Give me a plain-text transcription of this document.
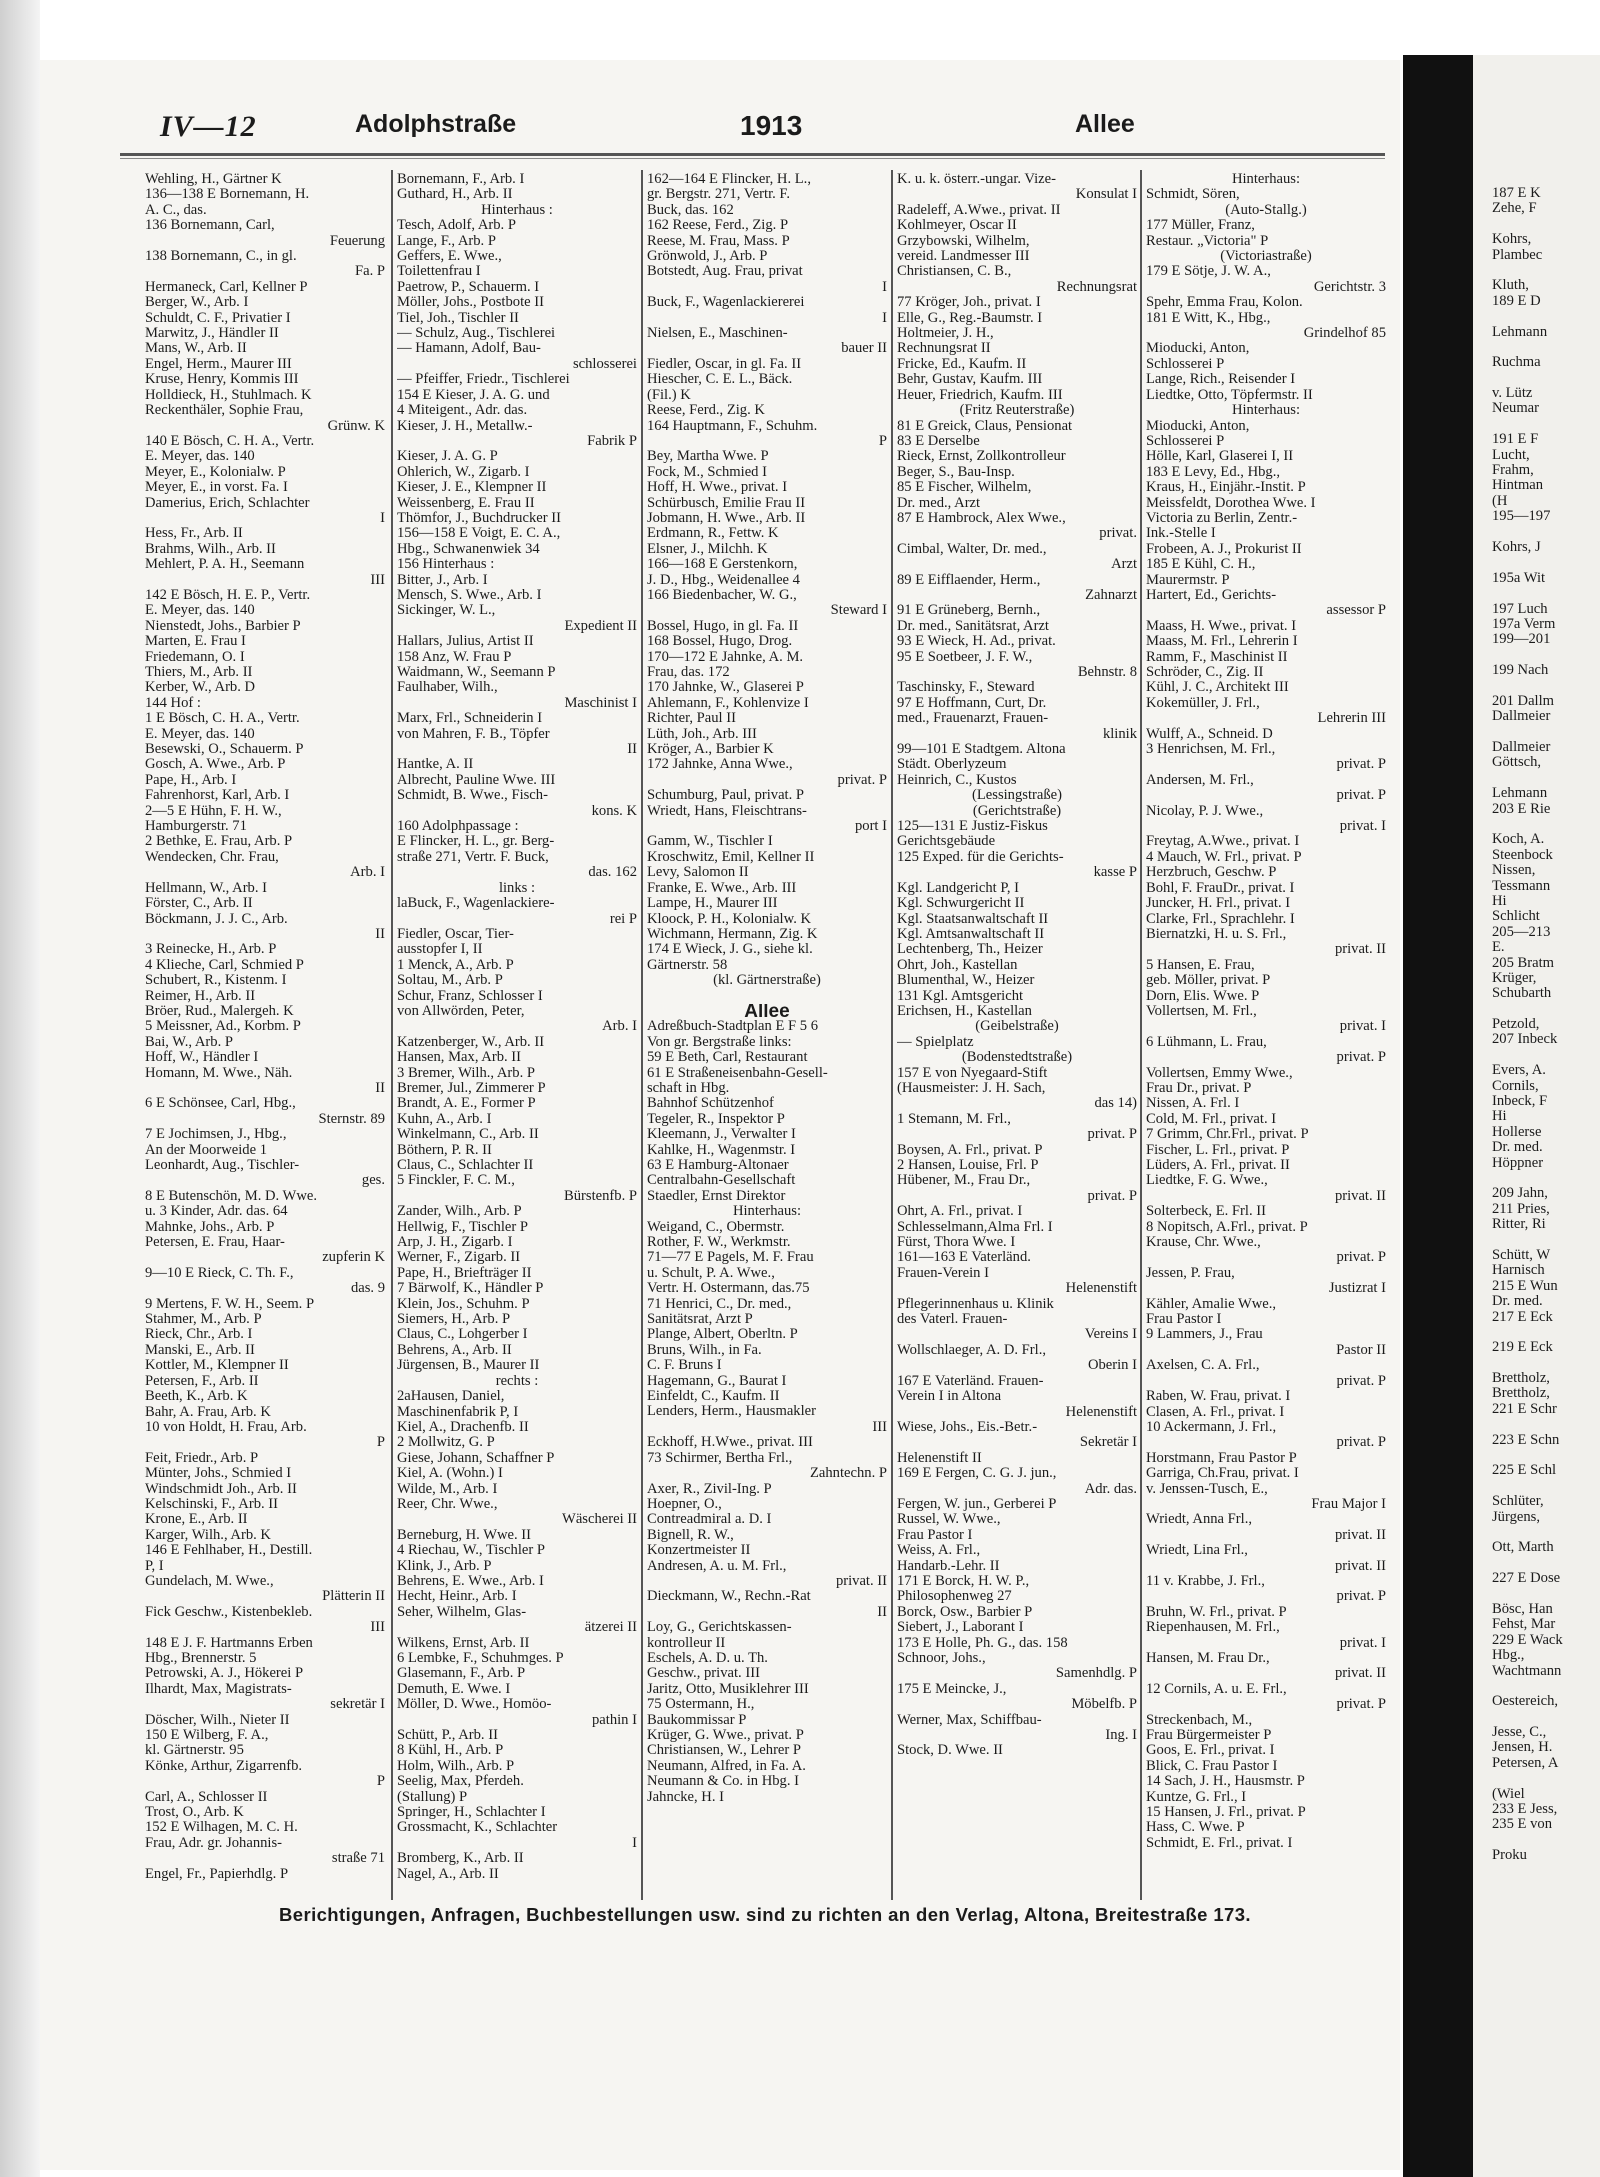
IV—12	Adolphstraße	1913	Allee
Wehling, H., Gärtner K
136—138 E Bornemann, H.
A. C., das.
136 Bornemann, Carl,
Feuerung
138 Bornemann, C., in gl.
Fa. P
Hermaneck, Carl, Kellner P
Berger, W., Arb. I
Schuldt, C. F., Privatier I
Marwitz, J., Händler II
Mans, W., Arb. II
Engel, Herm., Maurer III
Kruse, Henry, Kommis III
Holldieck, H., Stuhlmach. K
Reckenthäler, Sophie Frau,
Grünw. K
140 E Bösch, C. H. A., Vertr.
E. Meyer, das. 140
Meyer, E., Kolonialw. P
Meyer, E., in vorst. Fa. I
Damerius, Erich, Schlachter
I
Hess, Fr., Arb. II
Brahms, Wilh., Arb. II
Mehlert, P. A. H., Seemann
III
142 E Bösch, H. E. P., Vertr.
E. Meyer, das. 140
Nienstedt, Johs., Barbier P
Marten, E. Frau I
Friedemann, O. I
Thiers, M., Arb. II
Kerber, W., Arb. D
144 Hof :
1 E Bösch, C. H. A., Vertr.
E. Meyer, das. 140
Besewski, O., Schauerm. P
Gosch, A. Wwe., Arb. P
Pape, H., Arb. I
Fahrenhorst, Karl, Arb. I
2—5 E Hühn, F. H. W.,
Hamburgerstr. 71
2 Bethke, E. Frau, Arb. P
Wendecken, Chr. Frau,
Arb. I
Hellmann, W., Arb. I
Förster, C., Arb. II
Böckmann, J. J. C., Arb.
II
3 Reinecke, H., Arb. P
4 Klieche, Carl, Schmied P
Schubert, R., Kistenm. I
Reimer, H., Arb. II
Bröer, Rud., Malergeh. K
5 Meissner, Ad., Korbm. P
Bai, W., Arb. P
Hoff, W., Händler I
Homann, M. Wwe., Näh.
II
6 E Schönsee, Carl, Hbg.,
Sternstr. 89
7 E Jochimsen, J., Hbg.,
An der Moorweide 1
Leonhardt, Aug., Tischler-
ges.
8 E Butenschön, M. D. Wwe.
u. 3 Kinder, Adr. das. 64
Mahnke, Johs., Arb. P
Petersen, E. Frau, Haar-
zupferin K
9—10 E Rieck, C. Th. F.,
das. 9
9 Mertens, F. W. H., Seem. P
Stahmer, M., Arb. P
Rieck, Chr., Arb. I
Manski, E., Arb. II
Kottler, M., Klempner II
Petersen, F., Arb. II
Beeth, K., Arb. K
Bahr, A. Frau, Arb. K
10 von Holdt, H. Frau, Arb.
P
Feit, Friedr., Arb. P
Münter, Johs., Schmied I
Windschmidt Joh., Arb. II
Kelschinski, F., Arb. II
Krone, E., Arb. II
Karger, Wilh., Arb. K
146 E Fehlhaber, H., Destill.
P, I
Gundelach, M. Wwe.,
Plätterin II
Fick Geschw., Kistenbekleb.
III
148 E J. F. Hartmanns Erben
Hbg., Brennerstr. 5
Petrowski, A. J., Hökerei P
Ilhardt, Max, Magistrats-
sekretär I
Döscher, Wilh., Nieter II
150 E Wilberg, F. A.,
kl. Gärtnerstr. 95
Könke, Arthur, Zigarrenfb.
P
Carl, A., Schlosser II
Trost, O., Arb. K
152 E Wilhagen, M. C. H.
Frau, Adr. gr. Johannis-
straße 71
Engel, Fr., Papierhdlg. P
Bornemann, F., Arb. I
Guthard, H., Arb. II
Hinterhaus :
Tesch, Adolf, Arb. P
Lange, F., Arb. P
Geffers, E. Wwe.,
Toilettenfrau I
Paetrow, P., Schauerm. I
Möller, Johs., Postbote II
Tiel, Joh., Tischler II
— Schulz, Aug., Tischlerei
— Hamann, Adolf, Bau-
schlosserei
— Pfeiffer, Friedr., Tischlerei
154 E Kieser, J. A. G. und
4 Miteigent., Adr. das.
Kieser, J. H., Metallw.-
Fabrik P
Kieser, J. A. G. P
Ohlerich, W., Zigarb. I
Kieser, J. E., Klempner II
Weissenberg, E. Frau II
Thömfor, J., Buchdrucker II
156—158 E Voigt, E. C. A.,
Hbg., Schwanenwiek 34
156 Hinterhaus :
Bitter, J., Arb. I
Mensch, S. Wwe., Arb. I
Sickinger, W. L.,
Expedient II
Hallars, Julius, Artist II
158 Anz, W. Frau P
Waidmann, W., Seemann P
Faulhaber, Wilh.,
Maschinist I
Marx, Frl., Schneiderin I
von Mahren, F. B., Töpfer
II
Hantke, A. II
Albrecht, Pauline Wwe. III
Schmidt, B. Wwe., Fisch-
kons. K
160 Adolphpassage :
E Flincker, H. L., gr. Berg-
straße 271, Vertr. F. Buck,
das. 162
links :
laBuck, F., Wagenlackiere-
rei P
Fiedler, Oscar, Tier-
ausstopfer I, II
1 Menck, A., Arb. P
Soltau, M., Arb. P
Schur, Franz, Schlosser I
von Allwörden, Peter,
Arb. I
Katzenberger, W., Arb. II
Hansen, Max, Arb. II
3 Bremer, Wilh., Arb. P
Bremer, Jul., Zimmerer P
Brandt, A. E., Former P
Kuhn, A., Arb. I
Winkelmann, C., Arb. II
Böthern, P. R. II
Claus, C., Schlachter II
5 Finckler, F. C. M.,
Bürstenfb. P
Zander, Wilh., Arb. P
Hellwig, F., Tischler P
Arp, J. H., Zigarb. I
Werner, F., Zigarb. II
Pape, H., Briefträger II
7 Bärwolf, K., Händler P
Klein, Jos., Schuhm. P
Siemers, H., Arb. P
Claus, C., Lohgerber I
Behrens, A., Arb. II
Jürgensen, B., Maurer II
rechts :
2aHausen, Daniel,
Maschinenfabrik P, I
Kiel, A., Drachenfb. II
2 Mollwitz, G. P
Giese, Johann, Schaffner P
Kiel, A. (Wohn.) I
Wilde, M., Arb. I
Reer, Chr. Wwe.,
Wäscherei II
Berneburg, H. Wwe. II
4 Riechau, W., Tischler P
Klink, J., Arb. P
Behrens, E. Wwe., Arb. I
Hecht, Heinr., Arb. I
Seher, Wilhelm, Glas-
ätzerei II
Wilkens, Ernst, Arb. II
6 Lembke, F., Schuhmges. P
Glasemann, F., Arb. P
Demuth, E. Wwe. I
Möller, D. Wwe., Homöo-
pathin I
Schütt, P., Arb. II
8 Kühl, H., Arb. P
Holm, Wilh., Arb. P
Seelig, Max, Pferdeh.
(Stallung) P
Springer, H., Schlachter I
Grossmacht, K., Schlachter
I
Bromberg, K., Arb. II
Nagel, A., Arb. II
162—164 E Flincker, H. L.,
gr. Bergstr. 271, Vertr. F.
Buck, das. 162
162 Reese, Ferd., Zig. P
Reese, M. Frau, Mass. P
Grönwold, J., Arb. P
Botstedt, Aug. Frau, privat
I
Buck, F., Wagenlackiererei
I
Nielsen, E., Maschinen-
bauer II
Fiedler, Oscar, in gl. Fa. II
Hiescher, C. E. L., Bäck.
(Fil.) K
Reese, Ferd., Zig. K
164 Hauptmann, F., Schuhm.
P
Bey, Martha Wwe. P
Fock, M., Schmied I
Hoff, H. Wwe., privat. I
Schürbusch, Emilie Frau II
Jobmann, H. Wwe., Arb. II
Erdmann, R., Fettw. K
Elsner, J., Milchh. K
166—168 E Gerstenkorn,
J. D., Hbg., Weidenallee 4
166 Biedenbacher, W. G.,
Steward I
Bossel, Hugo, in gl. Fa. II
168 Bossel, Hugo, Drog.
170—172 E Jahnke, A. M.
Frau, das. 172
170 Jahnke, W., Glaserei P
Ahlemann, F., Kohlenvize I
Richter, Paul II
Lüth, Joh., Arb. III
Kröger, A., Barbier K
172 Jahnke, Anna Wwe.,
privat. P
Schumburg, Paul, privat. P
Wriedt, Hans, Fleischtrans-
port I
Gamm, W., Tischler I
Kroschwitz, Emil, Kellner II
Levy, Salomon II
Franke, E. Wwe., Arb. III
Lampe, H., Maurer III
Kloock, P. H., Kolonialw. K
Wichmann, Hermann, Zig. K
174 E Wieck, J. G., siehe kl.
Gärtnerstr. 58
(kl. Gärtnerstraße)
Allee
Adreßbuch-Stadtplan E F 5 6
Von gr. Bergstraße links:
59 E Beth, Carl, Restaurant
61 E Straßeneisenbahn-Gesell-
schaft in Hbg.
Bahnhof Schützenhof
Tegeler, R., Inspektor P
Kleemann, J., Verwalter I
Kahlke, H., Wagenmstr. I
63 E Hamburg-Altonaer
Centralbahn-Gesellschaft
Staedler, Ernst Direktor
Hinterhaus:
Weigand, C., Obermstr.
Rother, F. W., Werkmstr.
71—77 E Pagels, M. F. Frau
u. Schult, P. A. Wwe.,
Vertr. H. Ostermann, das.75
71 Henrici, C., Dr. med.,
Sanitätsrat, Arzt P
Plange, Albert, Oberltn. P
Bruns, Wilh., in Fa.
C. F. Bruns I
Hagemann, G., Baurat I
Einfeldt, C., Kaufm. II
Lenders, Herm., Hausmakler
III
Eckhoff, H.Wwe., privat. III
73 Schirmer, Bertha Frl.,
Zahntechn. P
Axer, R., Zivil-Ing. P
Hoepner, O.,
Contreadmiral a. D. I
Bignell, R. W.,
Konzertmeister II
Andresen, A. u. M. Frl.,
privat. II
Dieckmann, W., Rechn.-Rat
II
Loy, G., Gerichtskassen-
kontrolleur II
Eschels, A. D. u. Th.
Geschw., privat. III
Jaritz, Otto, Musiklehrer III
75 Ostermann, H.,
Baukommissar P
Krüger, G. Wwe., privat. P
Christiansen, W., Lehrer P
Neumann, Alfred, in Fa. A.
Neumann & Co. in Hbg. I
Jahncke, H. I
K. u. k. österr.-ungar. Vize-
Konsulat I
Radeleff, A.Wwe., privat. II
Kohlmeyer, Oscar II
Grzybowski, Wilhelm,
vereid. Landmesser III
Christiansen, C. B.,
Rechnungsrat
77 Kröger, Joh., privat. I
Elle, G., Reg.-Baumstr. I
Holtmeier, J. H.,
Rechnungsrat II
Fricke, Ed., Kaufm. II
Behr, Gustav, Kaufm. III
Heuer, Friedrich, Kaufm. III
(Fritz Reuterstraße)
81 E Greick, Claus, Pensionat
83 E Derselbe
Rieck, Ernst, Zollkontrolleur
Beger, S., Bau-Insp.
85 E Fischer, Wilhelm,
Dr. med., Arzt
87 E Hambrock, Alex Wwe.,
privat.
Cimbal, Walter, Dr. med.,
Arzt
89 E Eifflaender, Herm.,
Zahnarzt
91 E Grüneberg, Bernh.,
Dr. med., Sanitätsrat, Arzt
93 E Wieck, H. Ad., privat.
95 E Soetbeer, J. F. W.,
Behnstr. 8
Taschinsky, F., Steward
97 E Hoffmann, Curt, Dr.
med., Frauenarzt, Frauen-
klinik
99—101 E Stadtgem. Altona
Städt. Oberlyzeum
Heinrich, C., Kustos
(Lessingstraße)
(Gerichtstraße)
125—131 E Justiz-Fiskus
Gerichtsgebäude
125 Exped. für die Gerichts-
kasse P
Kgl. Landgericht P, I
Kgl. Schwurgericht II
Kgl. Staatsanwaltschaft II
Kgl. Amtsanwaltschaft II
Lechtenberg, Th., Heizer
Ohrt, Joh., Kastellan
Blumenthal, W., Heizer
131 Kgl. Amtsgericht
Erichsen, H., Kastellan
(Geibelstraße)
— Spielplatz
(Bodenstedtstraße)
157 E von Nyegaard-Stift
(Hausmeister: J. H. Sach,
das 14)
1 Stemann, M. Frl.,
privat. P
Boysen, A. Frl., privat. P
2 Hansen, Louise, Frl. P
Hübener, M., Frau Dr.,
privat. P
Ohrt, A. Frl., privat. I
Schlesselmann,Alma Frl. I
Fürst, Thora Wwe. I
161—163 E Vaterländ.
Frauen-Verein I
Helenenstift
Pflegerinnenhaus u. Klinik
des Vaterl. Frauen-
Vereins I
Wollschlaeger, A. D. Frl.,
Oberin I
167 E Vaterländ. Frauen-
Verein I in Altona
Helenenstift
Wiese, Johs., Eis.-Betr.-
Sekretär I
Helenenstift II
169 E Fergen, C. G. J. jun.,
Adr. das.
Fergen, W. jun., Gerberei P
Russel, W. Wwe.,
Frau Pastor I
Weiss, A. Frl.,
Handarb.-Lehr. II
171 E Borck, H. W. P.,
Philosophenweg 27
Borck, Osw., Barbier P
Siebert, J., Laborant I
173 E Holle, Ph. G., das. 158
Schnoor, Johs.,
Samenhdlg. P
175 E Meincke, J.,
Möbelfb. P
Werner, Max, Schiffbau-
Ing. I
Stock, D. Wwe. II
Hinterhaus:
Schmidt, Sören,
(Auto-Stallg.)
177 Müller, Franz,
Restaur. „Victoria" P
(Victoriastraße)
179 E Sötje, J. W. A.,
Gerichtstr. 3
Spehr, Emma Frau, Kolon.
181 E Witt, K., Hbg.,
Grindelhof 85
Mioducki, Anton,
Schlosserei P
Lange, Rich., Reisender I
Liedtke, Otto, Töpfermstr. II
Hinterhaus:
Mioducki, Anton,
Schlosserei P
Hölle, Karl, Glaserei I, II
183 E Levy, Ed., Hbg.,
Kraus, H., Einjähr.-Instit. P
Meissfeldt, Dorothea Wwe. I
Victoria zu Berlin, Zentr.-
Ink.-Stelle I
Frobeen, A. J., Prokurist II
185 E Kühl, C. H.,
Maurermstr. P
Hartert, Ed., Gerichts-
assessor P
Maass, H. Wwe., privat. I
Maass, M. Frl., Lehrerin I
Ramm, F., Maschinist II
Schröder, C., Zig. II
Kühl, J. C., Architekt III
Kokemüller, J. Frl.,
Lehrerin III
Wulff, A., Schneid. D
3 Henrichsen, M. Frl.,
privat. P
Andersen, M. Frl.,
privat. P
Nicolay, P. J. Wwe.,
privat. I
Freytag, A.Wwe., privat. I
4 Mauch, W. Frl., privat. P
Herzbruch, Geschw. P
Bohl, F. FrauDr., privat. I
Juncker, H. Frl., privat. I
Clarke, Frl., Sprachlehr. I
Biernatzki, H. u. S. Frl.,
privat. II
5 Hansen, E. Frau,
geb. Möller, privat. P
Dorn, Elis. Wwe. P
Vollertsen, M. Frl.,
privat. I
6 Lühmann, L. Frau,
privat. P
Vollertsen, Emmy Wwe.,
Frau Dr., privat. P
Nissen, A. Frl. I
Cold, M. Frl., privat. I
7 Grimm, Chr.Frl., privat. P
Fischer, L. Frl., privat. P
Lüders, A. Frl., privat. II
Liedtke, F. G. Wwe.,
privat. II
Solterbeck, E. Frl. II
8 Nopitsch, A.Frl., privat. P
Krause, Chr. Wwe.,
privat. P
Jessen, P. Frau,
Justizrat I
Kähler, Amalie Wwe.,
Frau Pastor I
9 Lammers, J., Frau
Pastor II
Axelsen, C. A. Frl.,
privat. P
Raben, W. Frau, privat. I
Clasen, A. Frl., privat. I
10 Ackermann, J. Frl.,
privat. P
Horstmann, Frau Pastor P
Garriga, Ch.Frau, privat. I
v. Jenssen-Tusch, E.,
Frau Major I
Wriedt, Anna Frl.,
privat. II
Wriedt, Lina Frl.,
privat. II
11 v. Krabbe, J. Frl.,
privat. P
Bruhn, W. Frl., privat. P
Riepenhausen, M. Frl.,
privat. I
Hansen, M. Frau Dr.,
privat. II
12 Cornils, A. u. E. Frl.,
privat. P
Streckenbach, M.,
Frau Bürgermeister P
Goos, E. Frl., privat. I
Blick, C. Frau Pastor I
14 Sach, J. H., Hausmstr. P
Kuntze, G. Frl., I
15 Hansen, J. Frl., privat. P
Hass, C. Wwe. P
Schmidt, E. Frl., privat. I
187 E K
Zehe, F
Kohrs,
Plambec
Kluth,
189 E D
Lehmann
Ruchma
v. Lütz
Neumar
191 E F
Lucht,
Frahm,
Hintman
(H
195—197
Kohrs, J
195a Wit
197 Luch
197a Verm
199—201
199 Nach
201 Dallm
Dallmeier
Dallmeier
Göttsch,
Lehmann
203 E Rie
Koch, A.
Steenbock
Nissen,
Tessmann
Hi
Schlicht
205—213
E.
205 Bratm
Krüger,
Schubarth
Petzold,
207 Inbeck
Evers, A.
Cornils,
Inbeck, F
Hi
Hollerse
Dr. med.
Höppner
209 Jahn,
211 Pries,
Ritter, Ri
Schütt, W
Harnisch
215 E Wun
Dr. med.
217 E Eck
219 E Eck
Brettholz,
Brettholz,
221 E Schr
223 E Schn
225 E Schl
Schlüter,
Jürgens,
Ott, Marth
227 E Dose
Bösc, Han
Fehst, Mar
229 E Wack
Hbg.,
Wachtmann
Oestereich,
Jesse, C.,
Jensen, H.
Petersen, A
(Wiel
233 E Jess,
235 E von
Proku
Berichtigungen, Anfragen, Buchbestellungen usw. sind zu richten an den Verlag, Altona, Breitestraße 173.
